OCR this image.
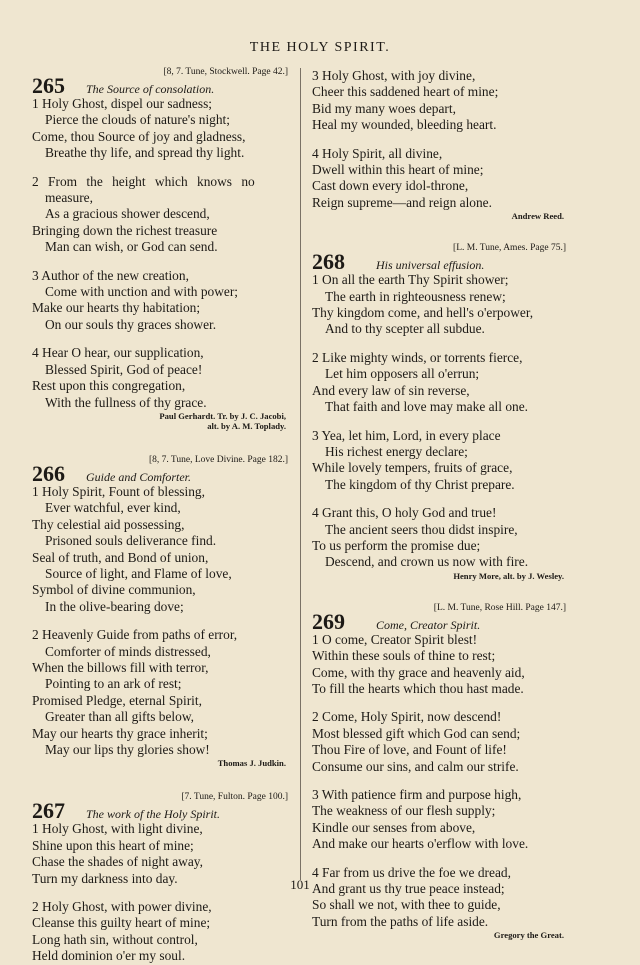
THE HOLY SPIRIT.
[8, 7. Tune, Stockwell. Page 42.]
265	The Source of consolation.
1 Holy Ghost, dispel our sadness;
Pierce the clouds of nature's night;
Come, thou Source of joy and gladness,
Breathe thy life, and spread thy light.
2 From the height which knows no
measure,
As a gracious shower descend,
Bringing down the richest treasure
Man can wish, or God can send.
3 Author of the new creation,
Come with unction and with power;
Make our hearts thy habitation;
On our souls thy graces shower.
4 Hear O hear, our supplication,
Blessed Spirit, God of peace!
Rest upon this congregation,
With the fullness of thy grace.
Paul Gerhardt. Tr. by J. C. Jacobi,
alt. by A. M. Toplady.
[8, 7. Tune, Love Divine. Page 182.]
266	Guide and Comforter.
1 Holy Spirit, Fount of blessing,
Ever watchful, ever kind,
Thy celestial aid possessing,
Prisoned souls deliverance find.
Seal of truth, and Bond of union,
Source of light, and Flame of love,
Symbol of divine communion,
In the olive-bearing dove;
2 Heavenly Guide from paths of error,
Comforter of minds distressed,
When the billows fill with terror,
Pointing to an ark of rest;
Promised Pledge, eternal Spirit,
Greater than all gifts below,
May our hearts thy grace inherit;
May our lips thy glories show!
Thomas J. Judkin.
[7. Tune, Fulton. Page 100.]
267	The work of the Holy Spirit.
1 Holy Ghost, with light divine,
Shine upon this heart of mine;
Chase the shades of night away,
Turn my darkness into day.
2 Holy Ghost, with power divine,
Cleanse this guilty heart of mine;
Long hath sin, without control,
Held dominion o'er my soul.
3 Holy Ghost, with joy divine,
Cheer this saddened heart of mine;
Bid my many woes depart,
Heal my wounded, bleeding heart.
4 Holy Spirit, all divine,
Dwell within this heart of mine;
Cast down every idol-throne,
Reign supreme—and reign alone.
Andrew Reed.
[L. M. Tune, Ames. Page 75.]
268	His universal effusion.
1 On all the earth Thy Spirit shower;
The earth in righteousness renew;
Thy kingdom come, and hell's o'erpower,
And to thy scepter all subdue.
2 Like mighty winds, or torrents fierce,
Let him opposers all o'errun;
And every law of sin reverse,
That faith and love may make all one.
3 Yea, let him, Lord, in every place
His richest energy declare;
While lovely tempers, fruits of grace,
The kingdom of thy Christ prepare.
4 Grant this, O holy God and true!
The ancient seers thou didst inspire,
To us perform the promise due;
Descend, and crown us now with fire.
Henry More, alt. by J. Wesley.
[L. M. Tune, Rose Hill. Page 147.]
269	Come, Creator Spirit.
1 O come, Creator Spirit blest!
Within these souls of thine to rest;
Come, with thy grace and heavenly aid,
To fill the hearts which thou hast made.
2 Come, Holy Spirit, now descend!
Most blessed gift which God can send;
Thou Fire of love, and Fount of life!
Consume our sins, and calm our strife.
3 With patience firm and purpose high,
The weakness of our flesh supply;
Kindle our senses from above,
And make our hearts o'erflow with love.
4 Far from us drive the foe we dread,
And grant us thy true peace instead;
So shall we not, with thee to guide,
Turn from the paths of life aside.
Gregory the Great.
101
